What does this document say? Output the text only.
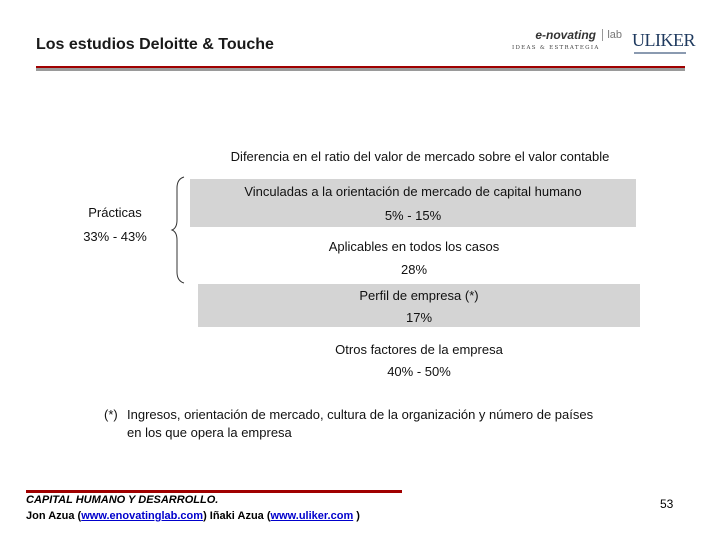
Los estudios Deloitte & Touche
e-novating	lab
IDEAS & ESTRATEGIA ULIKER
Diferencia en el ratio del valor de mercado sobre el valor contable
Prácticas
33% - 43%
Vinculadas a la orientación de mercado de capital humano
5% - 15%
Aplicables en todos los casos
28%
Perfil de empresa (*)
17%
Otros factores de la empresa
40% - 50%
(*) Ingresos, orientación de mercado, cultura de la organización y número de países
en los que opera la empresa
CAPITAL HUMANO Y DESARROLLO.
Jon Azua (www.enovatinglab.com) Iñaki Azua (www.uliker.com )
53
